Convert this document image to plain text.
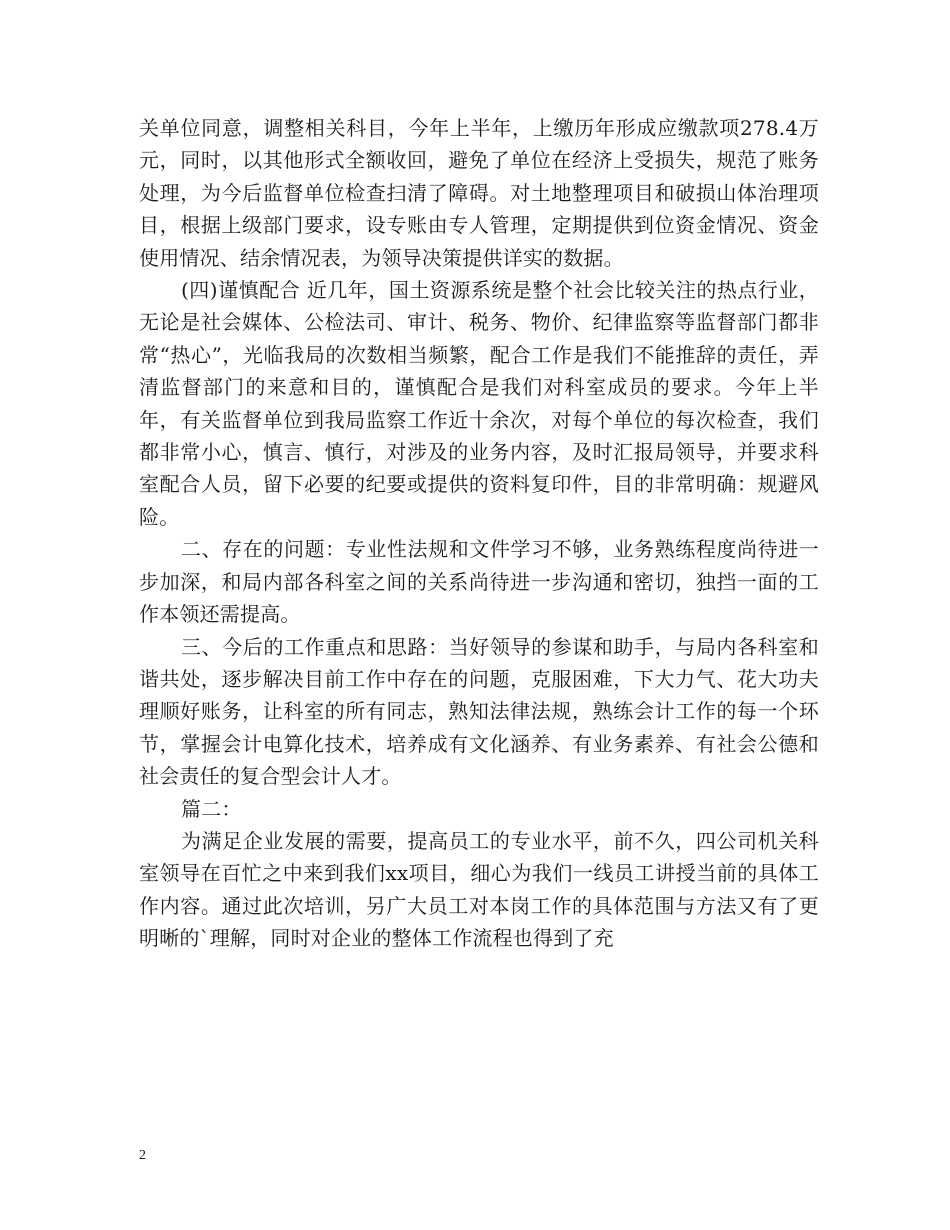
关单位同意，调整相关科目，今年上半年，上缴历年形成应缴款项278.4万元，同时，以其他形式全额收回，避免了单位在经济上受损失，规范了账务处理，为今后监督单位检查扫清了障碍。对土地整理项目和破损山体治理项目，根据上级部门要求，设专账由专人管理，定期提供到位资金情况、资金使用情况、结余情况表，为领导决策提供详实的数据。

(四)谨慎配合 近几年，国土资源系统是整个社会比较关注的热点行业，无论是社会媒体、公检法司、审计、税务、物价、纪律监察等监督部门都非常“热心”，光临我局的次数相当频繁，配合工作是我们不能推辞的责任，弄清监督部门的来意和目的，谨慎配合是我们对科室成员的要求。今年上半年，有关监督单位到我局监察工作近十余次，对每个单位的每次检查，我们都非常小心，慎言、慎行，对涉及的业务内容，及时汇报局领导，并要求科室配合人员，留下必要的纪要或提供的资料复印件，目的非常明确：规避风险。

二、存在的问题：专业性法规和文件学习不够，业务熟练程度尚待进一步加深，和局内部各科室之间的关系尚待进一步沟通和密切，独挡一面的工作本领还需提高。

三、今后的工作重点和思路：当好领导的参谋和助手，与局内各科室和谐共处，逐步解决目前工作中存在的问题，克服困难，下大力气、花大功夫理顺好账务，让科室的所有同志，熟知法律法规，熟练会计工作的每一个环节，掌握会计电算化技术，培养成有文化涵养、有业务素养、有社会公德和社会责任的复合型会计人才。

篇二：

为满足企业发展的需要，提高员工的专业水平，前不久，四公司机关科室领导在百忙之中来到我们xx项目，细心为我们一线员工讲授当前的具体工作内容。通过此次培训，另广大员工对本岗工作的具体范围与方法又有了更明晰的`理解，同时对企业的整体工作流程也得到了充

2
